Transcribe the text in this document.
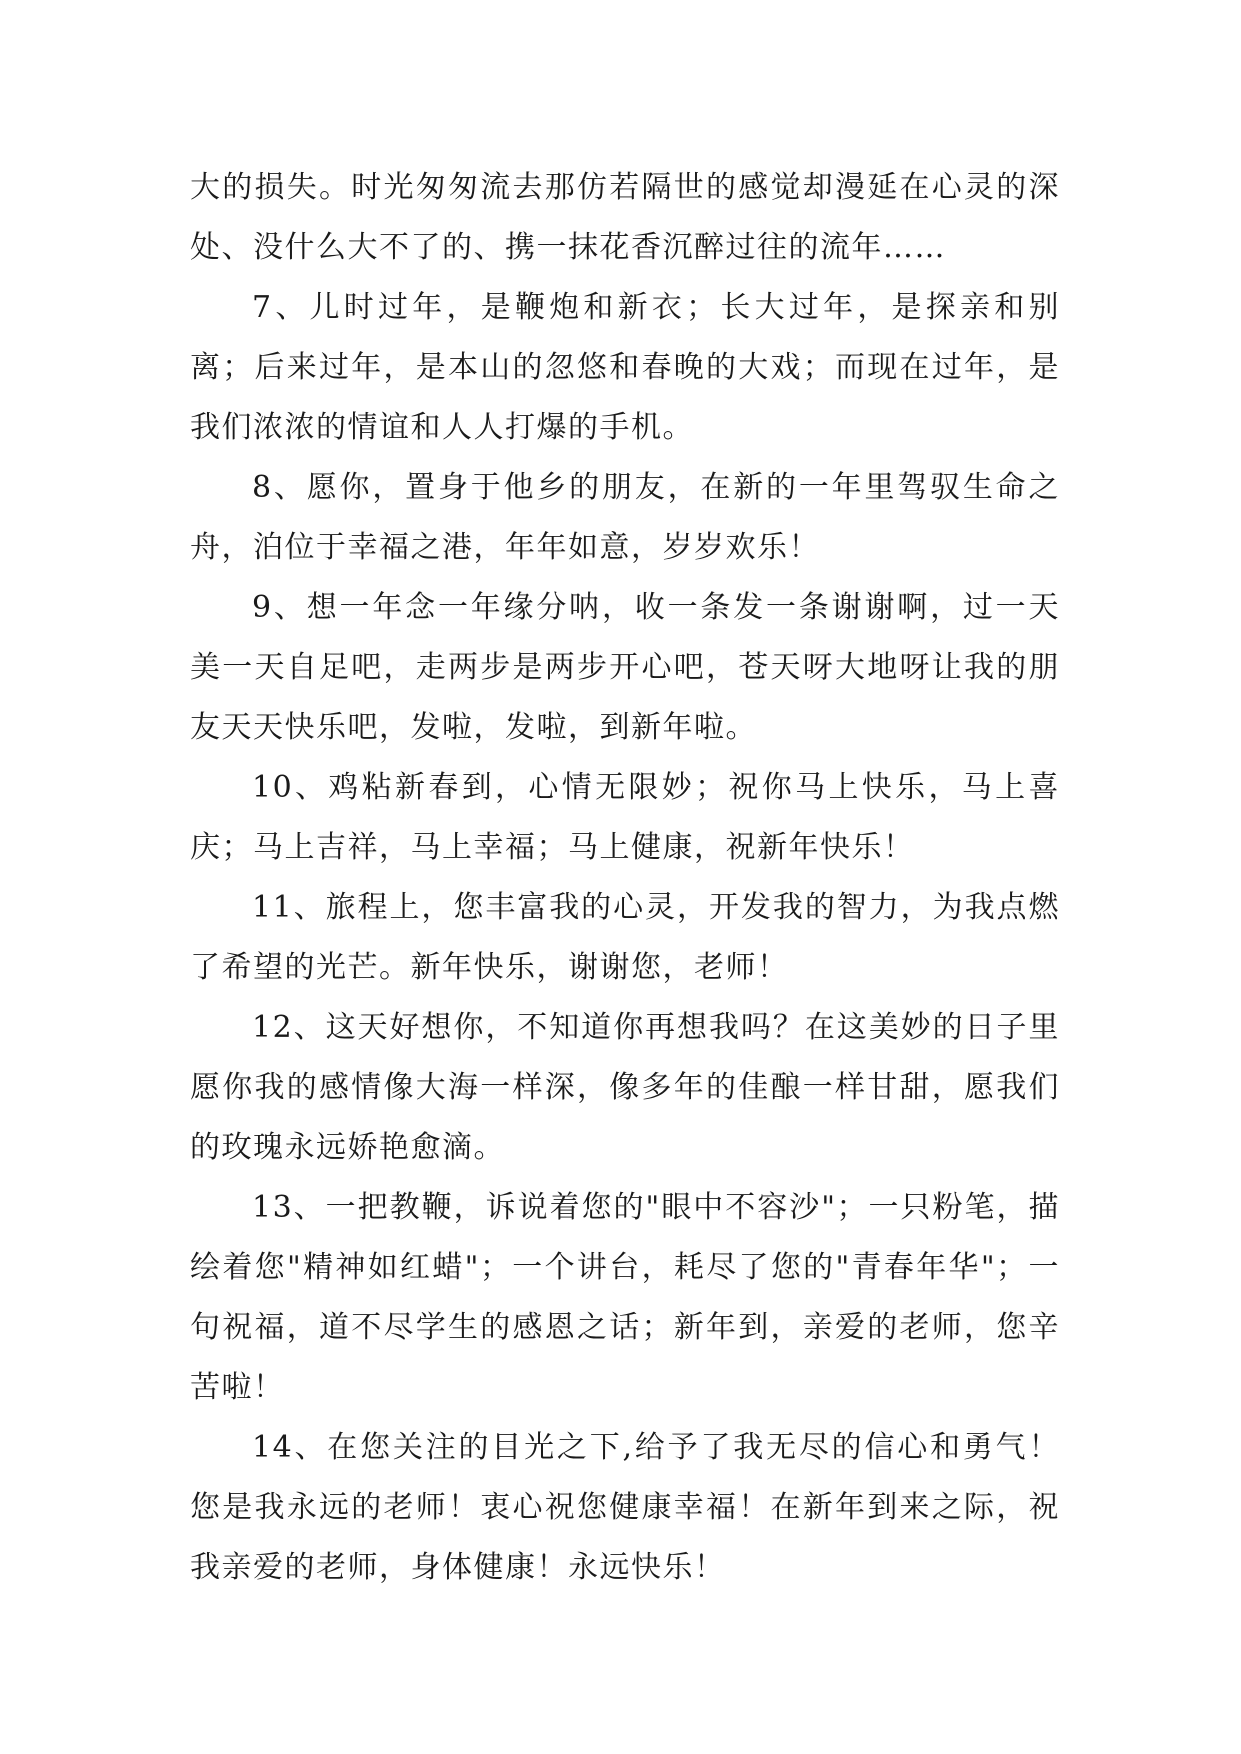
大的损失。时光匆匆流去那仿若隔世的感觉却漫延在心灵的深处、没什么大不了的、携一抹花香沉醉过往的流年……

7、儿时过年，是鞭炮和新衣；长大过年，是探亲和别离；后来过年，是本山的忽悠和春晚的大戏；而现在过年，是我们浓浓的情谊和人人打爆的手机。

8、愿你，置身于他乡的朋友，在新的一年里驾驭生命之舟，泊位于幸福之港，年年如意，岁岁欢乐！

9、想一年念一年缘分呐，收一条发一条谢谢啊，过一天美一天自足吧，走两步是两步开心吧，苍天呀大地呀让我的朋友天天快乐吧，发啦，发啦，到新年啦。

10、鸡粘新春到，心情无限妙；祝你马上快乐，马上喜庆；马上吉祥，马上幸福；马上健康，祝新年快乐！

11、旅程上，您丰富我的心灵，开发我的智力，为我点燃了希望的光芒。新年快乐，谢谢您，老师！

12、这天好想你，不知道你再想我吗？在这美妙的日子里愿你我的感情像大海一样深，像多年的佳酿一样甘甜，愿我们的玫瑰永远娇艳愈滴。

13、一把教鞭，诉说着您的"眼中不容沙"；一只粉笔，描绘着您"精神如红蜡"；一个讲台，耗尽了您的"青春年华"；一句祝福，道不尽学生的感恩之话；新年到，亲爱的老师，您辛苦啦！

14、在您关注的目光之下,给予了我无尽的信心和勇气！您是我永远的老师！衷心祝您健康幸福！在新年到来之际，祝我亲爱的老师，身体健康！永远快乐！
